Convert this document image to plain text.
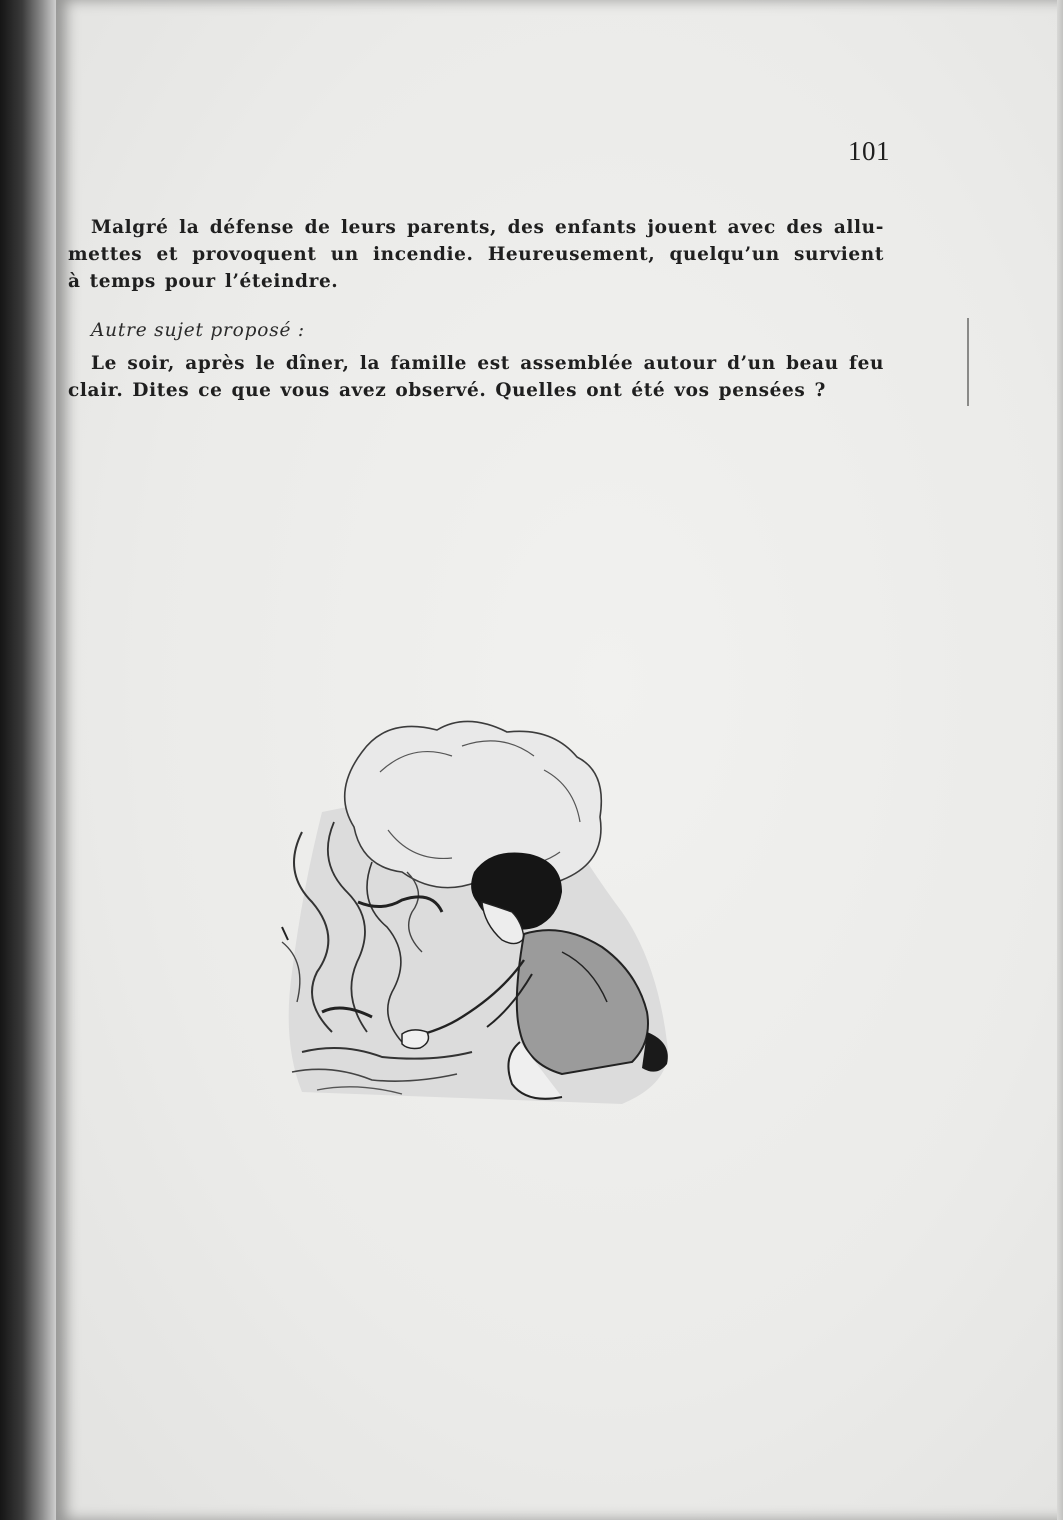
101
Malgré la défense de leurs parents, des enfants jouent avec des allu-
mettes et provoquent un incendie. Heureusement, quelqu’un survient
à temps pour l’éteindre.
Autre sujet proposé :
Le soir, après le dîner, la famille est assemblée autour d’un beau feu
clair. Dites ce que vous avez observé. Quelles ont été vos pensées ?
